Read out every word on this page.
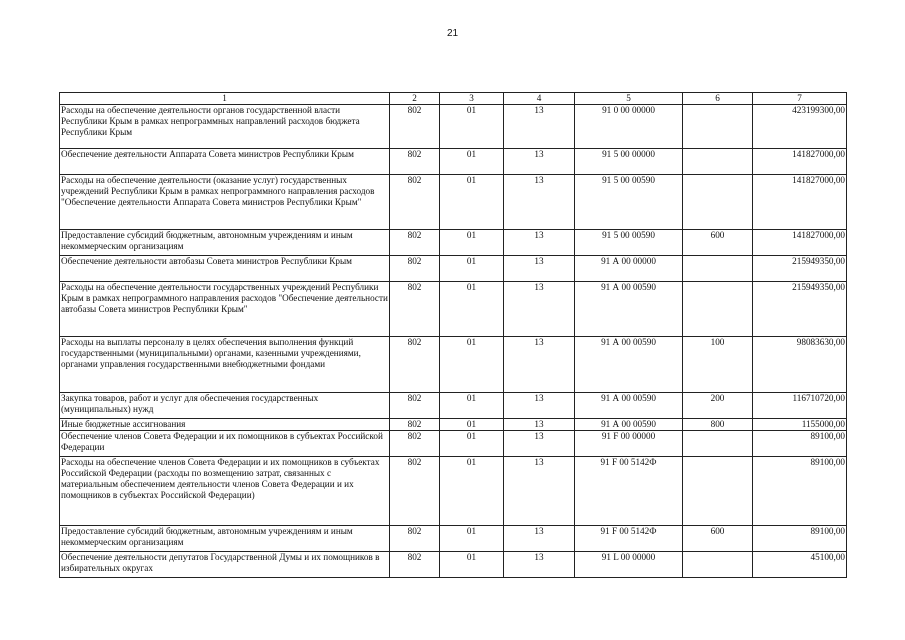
21
1	2	3	4	5	6	7
Расходы на обеспечение деятельности органов государственной власти Республики Крым в рамках непрограммных направлений расходов бюджета Республики Крым	802	01	13	91 0 00 00000		423199300,00
Обеспечение деятельности Аппарата Совета министров Республики Крым	802	01	13	91 5 00 00000		141827000,00
Расходы на обеспечение деятельности (оказание услуг) государственных учреждений Республики Крым в рамках непрограммного направления расходов "Обеспечение деятельности Аппарата Совета министров Республики Крым"	802	01	13	91 5 00 00590		141827000,00
Предоставление субсидий бюджетным, автономным учреждениям и иным некоммерческим организациям	802	01	13	91 5 00 00590	600	141827000,00
Обеспечение деятельности автобазы Совета министров Республики Крым	802	01	13	91 А 00 00000		215949350,00
Расходы на обеспечение деятельности государственных учреждений Республики Крым в рамках непрограммного направления расходов "Обеспечение деятельности автобазы Совета министров Республики Крым"	802	01	13	91 А 00 00590		215949350,00
Расходы на выплаты персоналу в целях обеспечения выполнения функций государственными (муниципальными) органами, казенными учреждениями, органами управления государственными внебюджетными фондами	802	01	13	91 А 00 00590	100	98083630,00
Закупка товаров, работ и услуг для обеспечения государственных (муниципальных) нужд	802	01	13	91 А 00 00590	200	116710720,00
Иные бюджетные ассигнования	802	01	13	91 А 00 00590	800	1155000,00
Обеспечение членов Совета Федерации и их помощников в субъектах Российской Федерации	802	01	13	91 F 00 00000		89100,00
Расходы на обеспечение членов Совета Федерации и их помощников в субъектах Российской Федерации (расходы по возмещению затрат, связанных с материальным обеспечением деятельности членов Совета Федерации и их помощников в субъектах Российской Федерации)	802	01	13	91 F 00 5142Ф		89100,00
Предоставление субсидий бюджетным, автономным учреждениям и иным некоммерческим организациям	802	01	13	91 F 00 5142Ф	600	89100,00
Обеспечение деятельности депутатов Государственной Думы и их помощников в избирательных округах	802	01	13	91 L 00 00000		45100,00
